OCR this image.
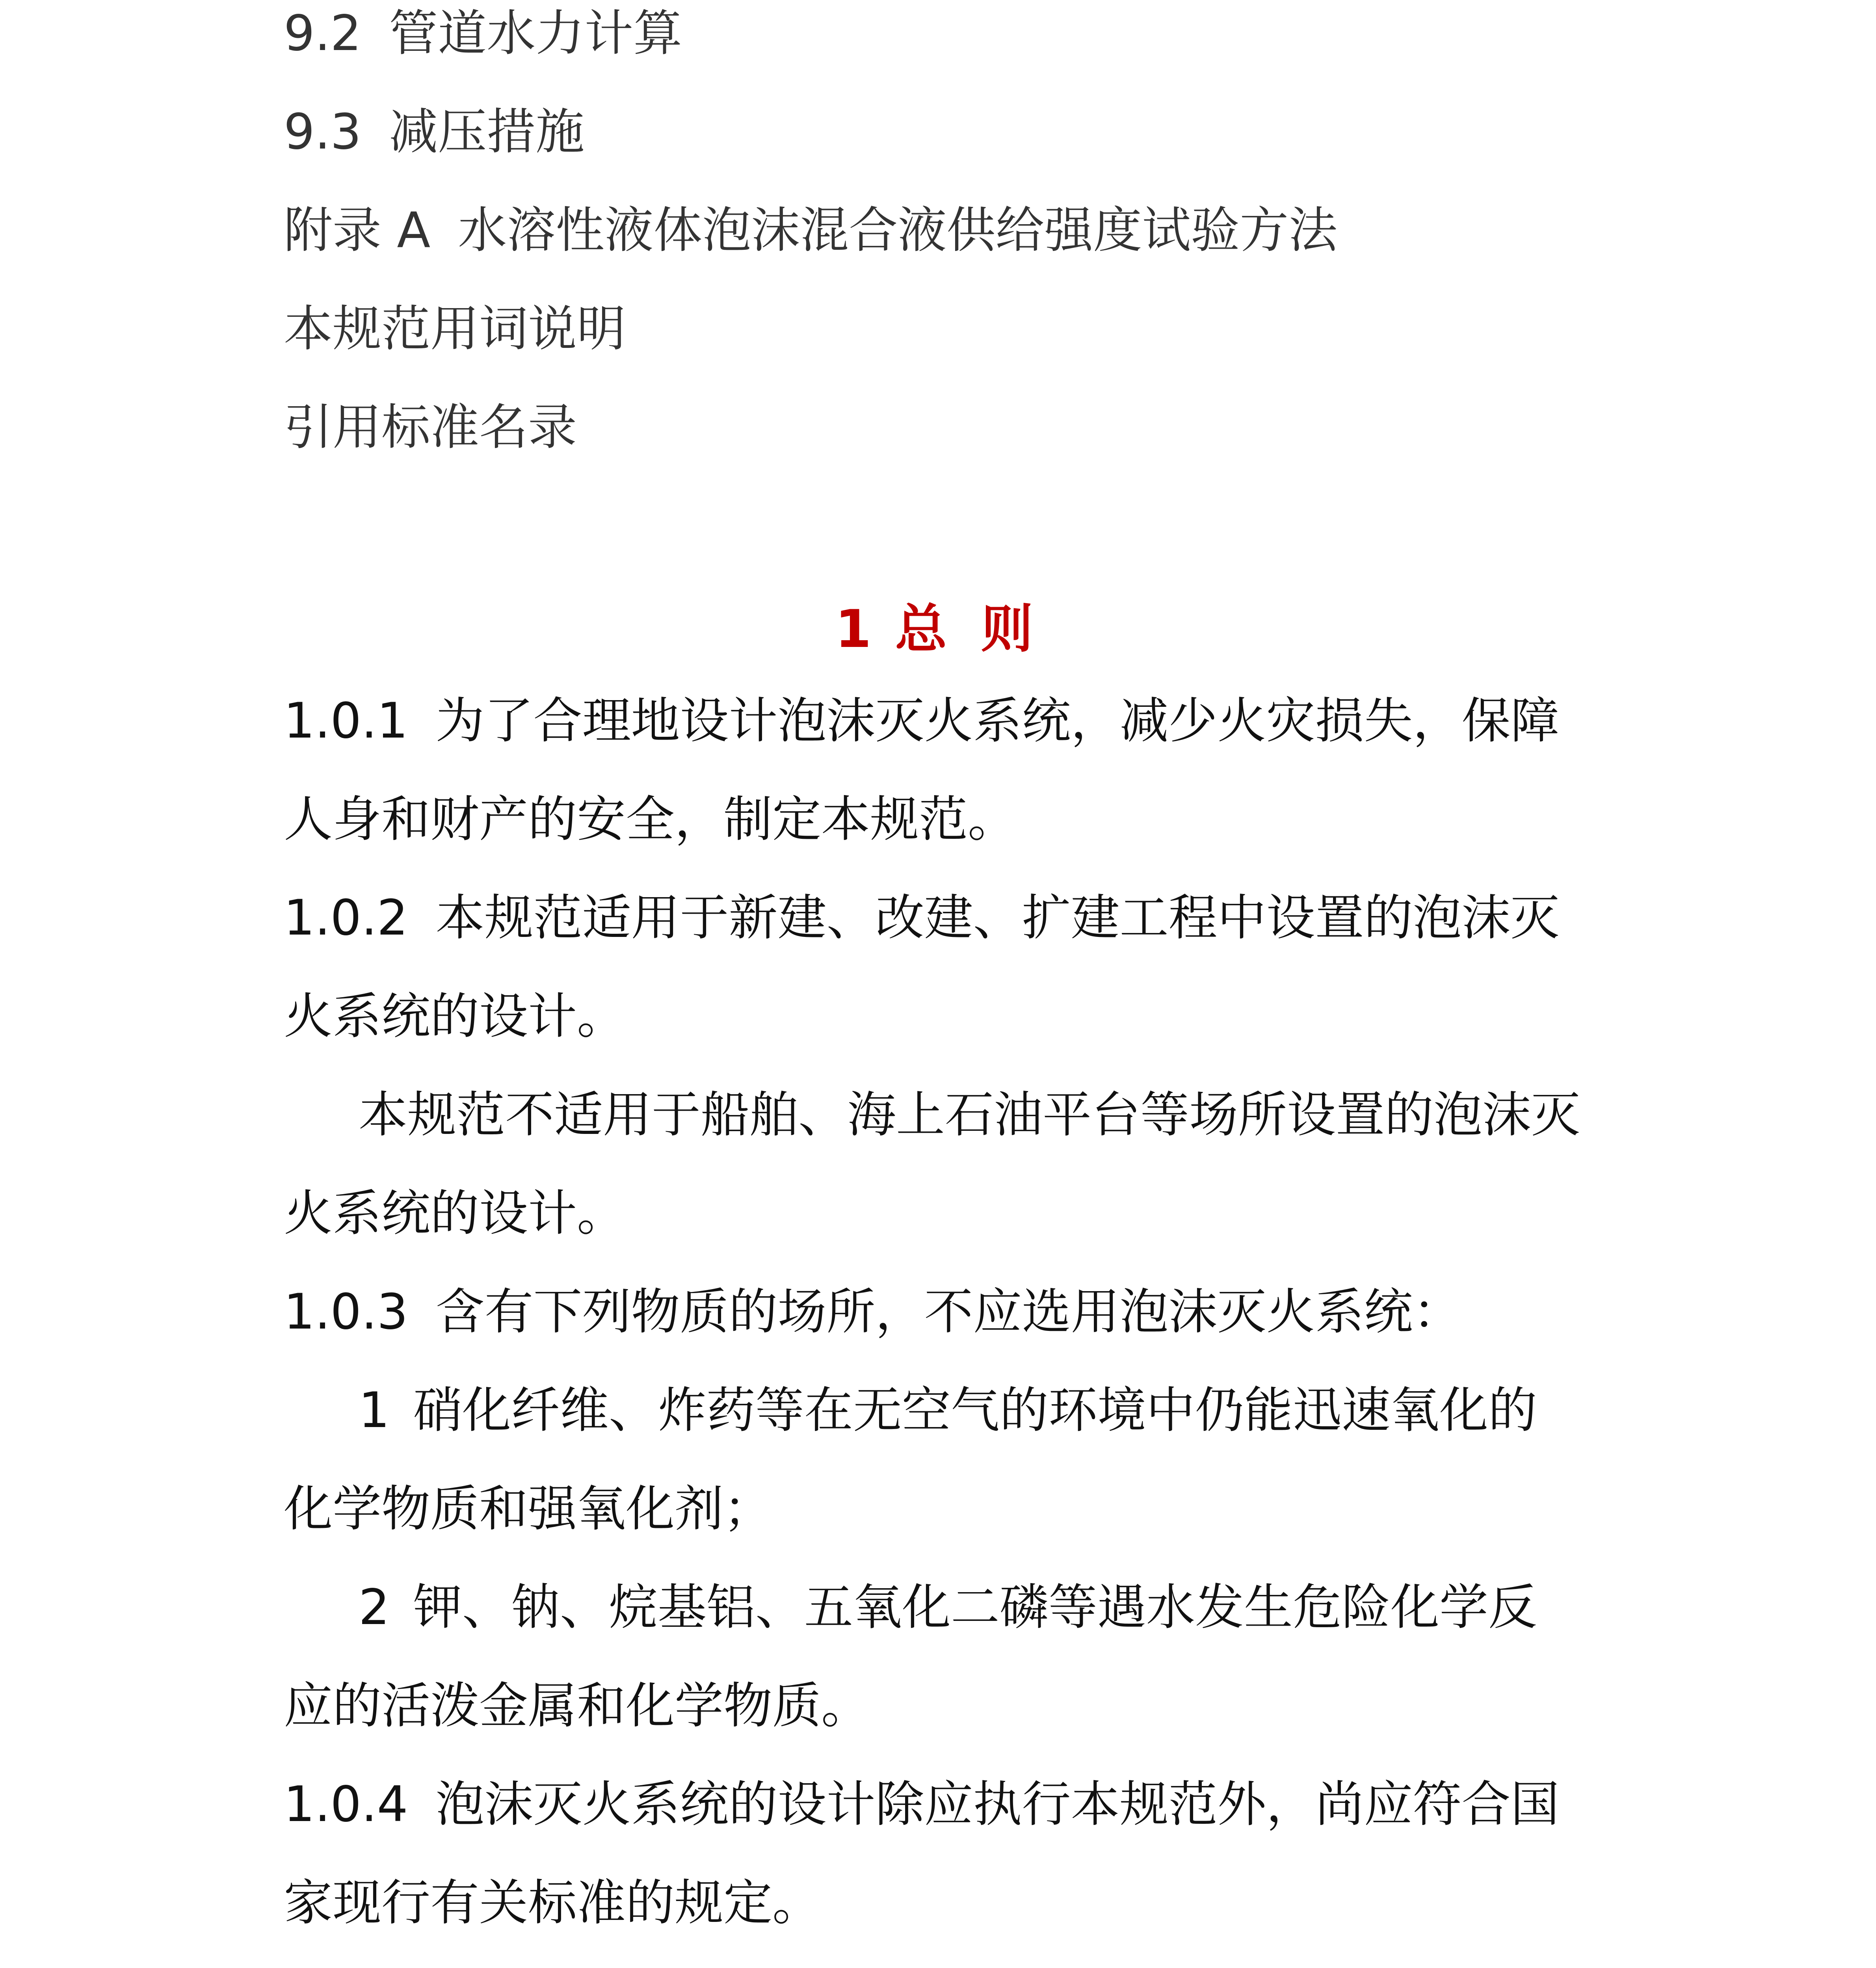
9.2 管道水力计算
9.3 减压措施
附录 A 水溶性液体泡沫混合液供给强度试验方法
本规范用词说明
引用标准名录
1 总 则
1.0.1 为了合理地设计泡沫灭火系统，减少火灾损失，保障
人身和财产的安全，制定本规范。
1.0.2 本规范适用于新建、改建、扩建工程中设置的泡沫灭
火系统的设计。
本规范不适用于船舶、海上石油平台等场所设置的泡沫灭
火系统的设计。
1.0.3 含有下列物质的场所，不应选用泡沫灭火系统：
1 硝化纤维、炸药等在无空气的环境中仍能迅速氧化的
化学物质和强氧化剂；
2 钾、钠、烷基铝、五氧化二磷等遇水发生危险化学反
应的活泼金属和化学物质。
1.0.4 泡沫灭火系统的设计除应执行本规范外，尚应符合国
家现行有关标准的规定。
